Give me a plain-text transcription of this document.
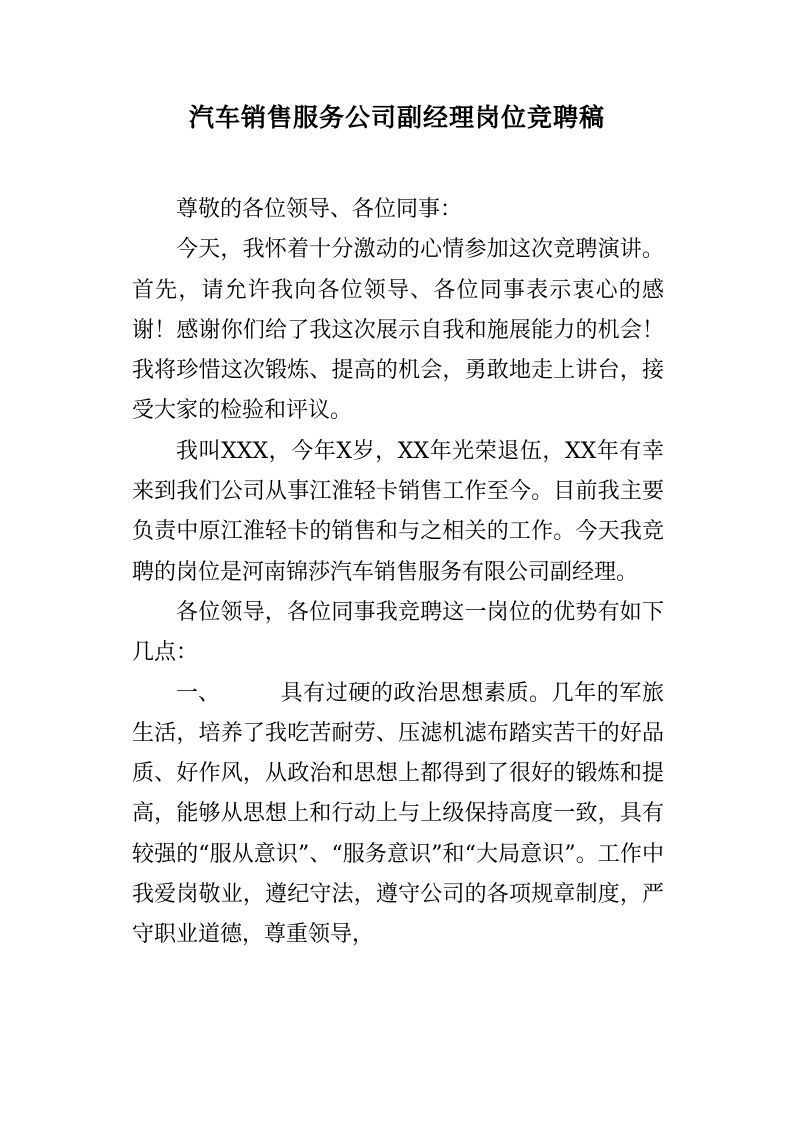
汽车销售服务公司副经理岗位竞聘稿

尊敬的各位领导、各位同事：

今天，我怀着十分激动的心情参加这次竞聘演讲。首先，请允许我向各位领导、各位同事表示衷心的感谢！感谢你们给了我这次展示自我和施展能力的机会！我将珍惜这次锻炼、提高的机会，勇敢地走上讲台，接受大家的检验和评议。

我叫XXX，今年X岁，XX年光荣退伍，XX年有幸来到我们公司从事江淮轻卡销售工作至今。目前我主要负责中原江淮轻卡的销售和与之相关的工作。今天我竞聘的岗位是河南锦莎汽车销售服务有限公司副经理。

各位领导，各位同事我竞聘这一岗位的优势有如下几点：

一、	具有过硬的政治思想素质。几年的军旅生活，培养了我吃苦耐劳、压滤机滤布踏实苦干的好品质、好作风，从政治和思想上都得到了很好的锻炼和提高，能够从思想上和行动上与上级保持高度一致，具有较强的“服从意识”、“服务意识”和“大局意识”。工作中我爱岗敬业，遵纪守法，遵守公司的各项规章制度，严守职业道德，尊重领导，
